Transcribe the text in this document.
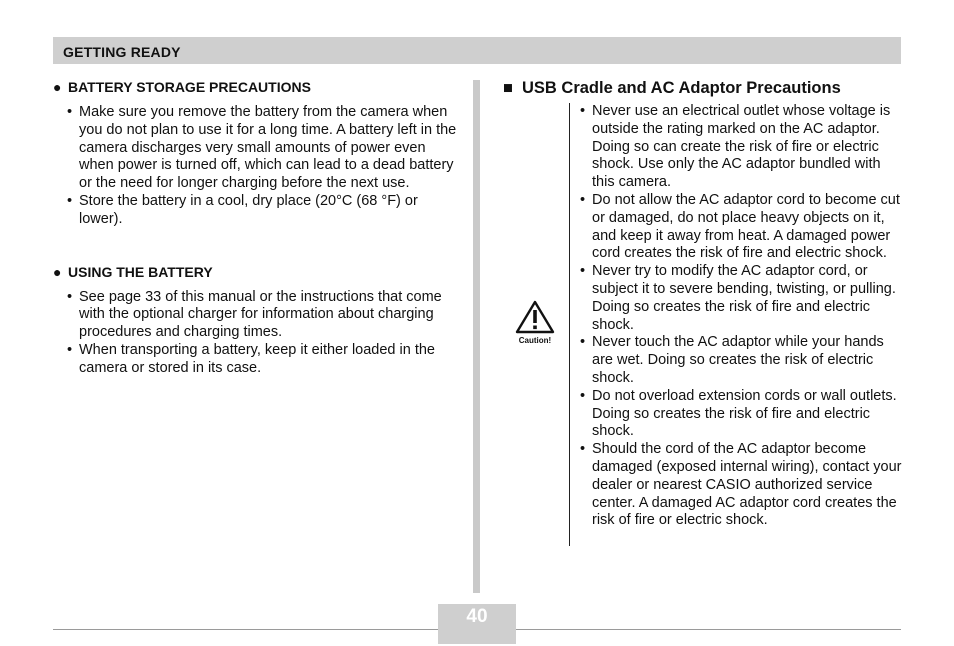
GETTING READY

● BATTERY STORAGE PRECAUTIONS

• Make sure you remove the battery from the camera when you do not plan to use it for a long time. A battery left in the camera discharges very small amounts of power even when power is turned off, which can lead to a dead battery or the need for longer charging before the next use.
• Store the battery in a cool, dry place (20°C (68 °F) or lower).

● USING THE BATTERY

• See page 33 of this manual or the instructions that come with the optional charger for information about charging procedures and charging times.
• When transporting a battery, keep it either loaded in the camera or stored in its case.
■ USB Cradle and AC Adaptor Precautions
Caution!
• Never use an electrical outlet whose voltage is outside the rating marked on the AC adaptor. Doing so can create the risk of fire or electric shock. Use only the AC adaptor bundled with this camera.
• Do not allow the AC adaptor cord to become cut or damaged, do not place heavy objects on it, and keep it away from heat. A damaged power cord creates the risk of fire and electric shock.
• Never try to modify the AC adaptor cord, or subject it to severe bending, twisting, or pulling. Doing so creates the risk of fire and electric shock.
• Never touch the AC adaptor while your hands are wet. Doing so creates the risk of electric shock.
• Do not overload extension cords or wall outlets. Doing so creates the risk of fire and electric shock.
• Should the cord of the AC adaptor become damaged (exposed internal wiring), contact your dealer or nearest CASIO authorized service center. A damaged AC adaptor cord creates the risk of fire or electric shock.
40
